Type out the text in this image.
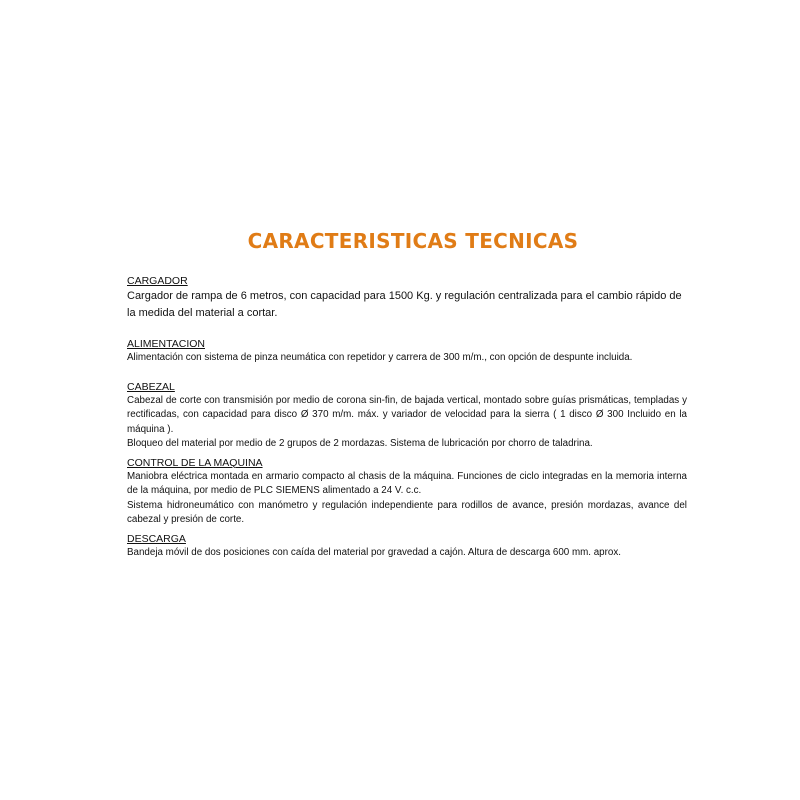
CARACTERISTICAS TECNICAS
CARGADOR
Cargador de rampa de 6 metros, con capacidad para 1500 Kg. y regulación centralizada para el cambio rápido de la medida del material a cortar.
ALIMENTACION
Alimentación con sistema de pinza neumática con repetidor y carrera de 300 m/m., con opción de despunte incluida.
CABEZAL
Cabezal de corte con transmisión por medio de corona sin-fin, de bajada vertical, montado sobre guías prismáticas, templadas y rectificadas, con capacidad para disco Ø 370 m/m. máx. y variador de velocidad para la sierra ( 1 disco Ø 300 Incluido en la máquina ).
Bloqueo del material por medio de 2 grupos de 2 mordazas. Sistema de lubricación por chorro de taladrina.
CONTROL DE LA MAQUINA
Maniobra eléctrica montada en armario compacto al chasis de la máquina. Funciones de ciclo integradas en la memoria interna de la máquina, por medio de PLC SIEMENS alimentado a 24 V. c.c.
Sistema hidroneumático con manómetro y regulación independiente para rodillos de avance, presión mordazas, avance del cabezal y presión de corte.
DESCARGA
Bandeja móvil de dos posiciones con caída del material por gravedad a cajón. Altura de descarga 600 mm. aprox.
